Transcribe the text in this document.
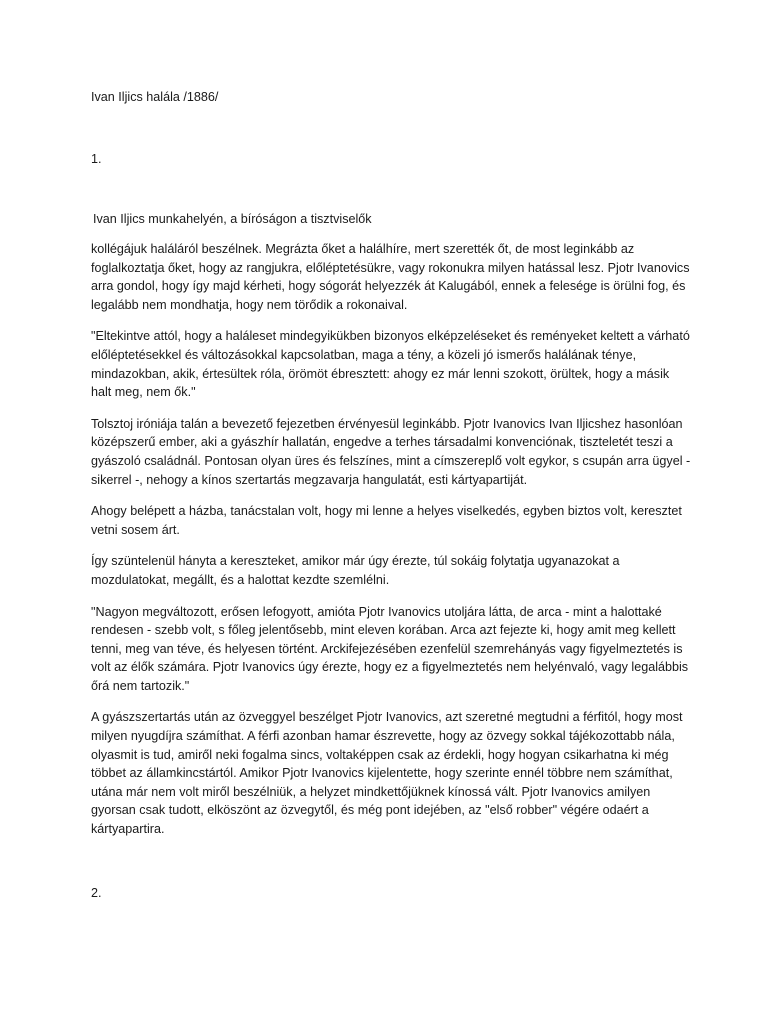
Ivan Iljics halála /1886/
1.
Ivan Iljics munkahelyén, a bíróságon a tisztviselők

kollégájuk haláláról beszélnek. Megrázta őket a halálhíre, mert szerették őt, de most leginkább az foglalkoztatja őket, hogy az rangjukra, előléptetésükre, vagy rokonukra milyen hatással lesz. Pjotr Ivanovics arra gondol, hogy így majd kérheti, hogy sógorát helyezzék át Kalugából, ennek a felesége is örülni fog, és legalább nem mondhatja, hogy nem törődik a rokonaival.

"Eltekintve attól, hogy a haláleset mindegyikükben bizonyos elképzeléseket és reményeket keltett a várható előléptetésekkel és változásokkal kapcsolatban, maga a tény, a közeli jó ismerős halálának ténye, mindazokban, akik, értesültek róla, örömöt ébresztett: ahogy ez már lenni szokott, örültek, hogy a másik halt meg, nem ők."

Tolsztoj iróniája talán a bevezető fejezetben érvényesül leginkább. Pjotr Ivanovics Ivan Iljicshez hasonlóan középszerű ember, aki a gyászhír hallatán, engedve a terhes társadalmi konvenciónak, tiszteletét teszi a gyászoló családnál. Pontosan olyan üres és felszínes, mint a címszereplő volt egykor, s csupán arra ügyel - sikerrel -, nehogy a kínos szertartás megzavarja hangulatát, esti kártyapartiját.

Ahogy belépett a házba, tanácstalan volt, hogy mi lenne a helyes viselkedés, egyben biztos volt, keresztet vetni sosem árt.

Így szüntelenül hányta a kereszteket, amikor már úgy érezte, túl sokáig folytatja ugyanazokat a mozdulatokat, megállt, és a halottat kezdte szemlélni.

"Nagyon megváltozott, erősen lefogyott, amióta Pjotr Ivanovics utoljára látta, de arca - mint a halottaké rendesen - szebb volt, s főleg jelentősebb, mint eleven korában. Arca azt fejezte ki, hogy amit meg kellett tenni, meg van téve, és helyesen történt. Arckifejezésében ezenfelül szemrehányás vagy figyelmeztetés is volt az élők számára. Pjotr Ivanovics úgy érezte, hogy ez a figyelmeztetés nem helyénvaló, vagy legalábbis őrá nem tartozik."

A gyászszertartás után az özveggyel beszélget Pjotr Ivanovics, azt szeretné megtudni a férfitól, hogy most milyen nyugdíjra számíthat. A férfi azonban hamar észrevette, hogy az özvegy sokkal tájékozottabb nála, olyasmit is tud, amiről neki fogalma sincs, voltaképpen csak az érdekli, hogy hogyan csikarhatna ki még többet az államkincstártól. Amikor Pjotr Ivanovics kijelentette, hogy szerinte ennél többre nem számíthat, utána már nem volt miről beszélniük, a helyzet mindkettőjüknek kínossá vált. Pjotr Ivanovics amilyen gyorsan csak tudott, elköszönt az özvegytől, és még pont idejében, az "első robber" végére odaért a kártyapartira.

2.
